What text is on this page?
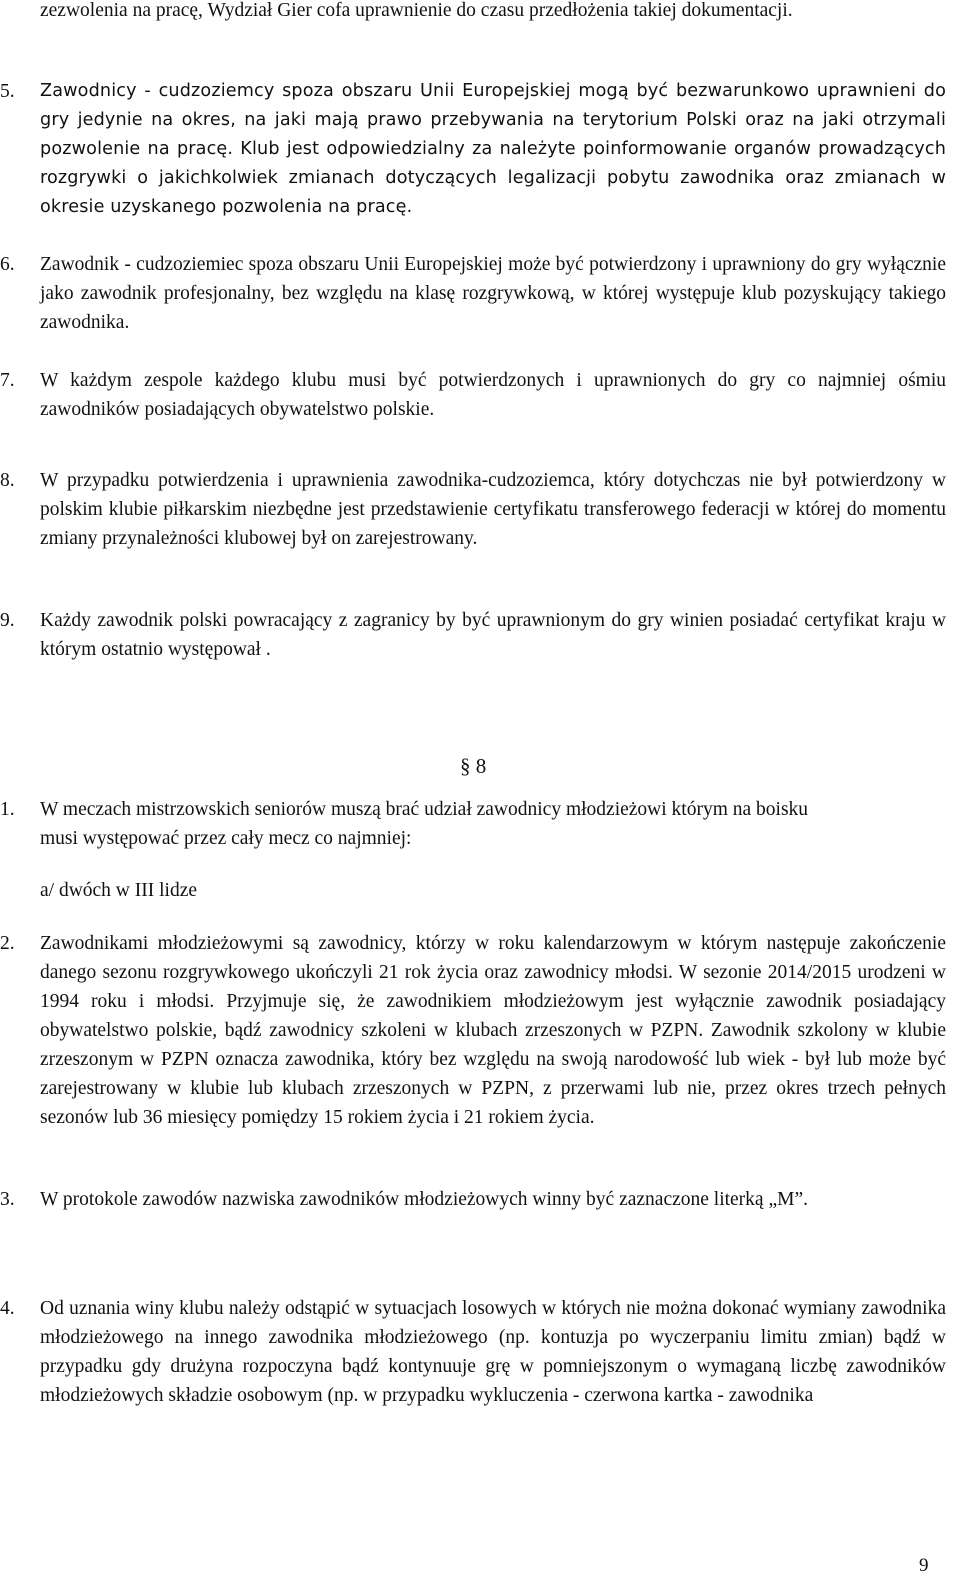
zezwolenia na pracę, Wydział Gier cofa uprawnienie do czasu przedłożenia takiej dokumentacji.
5. Zawodnicy - cudzoziemcy spoza obszaru Unii Europejskiej mogą być bezwarunkowo uprawnieni do gry jedynie na okres, na jaki mają prawo przebywania na terytorium Polski oraz na jaki otrzymali pozwolenie na pracę. Klub jest odpowiedzialny za należyte poinformowanie organów prowadzących rozgrywki o jakichkolwiek zmianach dotyczących legalizacji pobytu zawodnika oraz zmianach w okresie uzyskanego pozwolenia na pracę.
6. Zawodnik - cudzoziemiec spoza obszaru Unii Europejskiej może być potwierdzony i uprawniony do gry wyłącznie jako zawodnik profesjonalny, bez względu na klasę rozgrywkową, w której występuje klub pozyskujący takiego zawodnika.
7. W każdym zespole każdego klubu musi być potwierdzonych i uprawnionych do gry co najmniej ośmiu zawodników posiadających obywatelstwo polskie.
8. W przypadku potwierdzenia i uprawnienia zawodnika-cudzoziemca, który dotychczas nie był potwierdzony w polskim klubie piłkarskim niezbędne jest przedstawienie certyfikatu transferowego federacji w której do momentu zmiany przynależności klubowej był on zarejestrowany.
9. Każdy zawodnik polski powracający z zagranicy by być uprawnionym do gry winien posiadać certyfikat kraju w którym ostatnio występował .
§ 8
1. W meczach mistrzowskich seniorów muszą brać udział zawodnicy młodzieżowi którym na boisku musi występować przez cały mecz co najmniej:
a/ dwóch w III lidze
2. Zawodnikami młodzieżowymi są zawodnicy, którzy w roku kalendarzowym w którym następuje zakończenie danego sezonu rozgrywkowego ukończyli 21 rok życia oraz zawodnicy młodsi. W sezonie 2014/2015 urodzeni w 1994 roku i młodsi. Przyjmuje się, że zawodnikiem młodzieżowym jest wyłącznie zawodnik posiadający obywatelstwo polskie, bądź zawodnicy szkoleni w klubach zrzeszonych w PZPN. Zawodnik szkolony w klubie zrzeszonym w PZPN oznacza zawodnika, który bez względu na swoją narodowość lub wiek - był lub może być zarejestrowany w klubie lub klubach zrzeszonych w PZPN, z przerwami lub nie, przez okres trzech pełnych sezonów lub 36 miesięcy pomiędzy 15 rokiem życia i 21 rokiem życia.
3. W protokole zawodów nazwiska zawodników młodzieżowych winny być zaznaczone literką „M”.
4. Od uznania winy klubu należy odstąpić w sytuacjach losowych w których nie można dokonać wymiany zawodnika młodzieżowego na innego zawodnika młodzieżowego (np. kontuzja po wyczerpaniu limitu zmian) bądź w przypadku gdy drużyna rozpoczyna bądź kontynuuje grę w pomniejszonym o wymaganą liczbę zawodników młodzieżowych składzie osobowym (np. w przypadku wykluczenia - czerwona kartka - zawodnika
9
